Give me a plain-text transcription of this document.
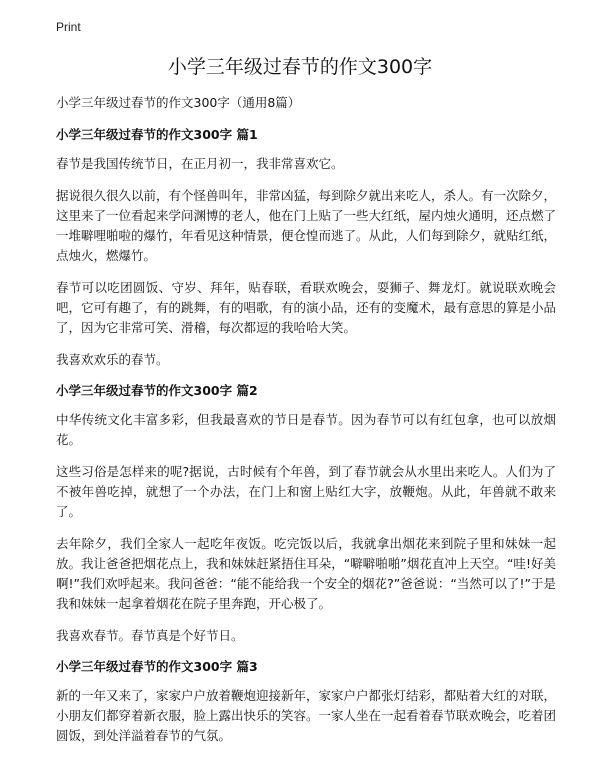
Print
小学三年级过春节的作文300字

小学三年级过春节的作文300字（通用8篇）

小学三年级过春节的作文300字 篇1

春节是我国传统节日，在正月初一，我非常喜欢它。

据说很久很久以前，有个怪兽叫年，非常凶猛，每到除夕就出来吃人，杀人。有一次除夕，这里来了一位看起来学问渊博的老人，他在门上贴了一些大红纸，屋内烛火通明，还点燃了一堆噼哩啪啦的爆竹，年看见这种情景，便仓惶而逃了。从此，人们每到除夕，就贴红纸，点烛火，燃爆竹。

春节可以吃团圆饭、守岁、拜年，贴春联，看联欢晚会，耍狮子、舞龙灯。就说联欢晚会吧，它可有趣了，有的跳舞，有的唱歌，有的演小品，还有的变魔术，最有意思的算是小品了，因为它非常可笑、滑稽，每次都逗的我哈哈大笑。

我喜欢欢乐的春节。

小学三年级过春节的作文300字 篇2

中华传统文化丰富多彩，但我最喜欢的节日是春节。因为春节可以有红包拿，也可以放烟花。

这些习俗是怎样来的呢?据说，古时候有个年兽，到了春节就会从水里出来吃人。人们为了不被年兽吃掉，就想了一个办法，在门上和窗上贴红大字，放鞭炮。从此，年兽就不敢来了。

去年除夕，我们全家人一起吃年夜饭。吃完饭以后，我就拿出烟花来到院子里和妹妹一起放。我让爸爸把烟花点上，我和妹妹赶紧捂住耳朵，“噼噼啪啪”烟花直冲上天空。“哇!好美啊!”我们欢呼起来。我问爸爸：“能不能给我一个安全的烟花?”爸爸说：“当然可以了!”于是我和妹妹一起拿着烟花在院子里奔跑，开心极了。

我喜欢春节。春节真是个好节日。

小学三年级过春节的作文300字 篇3

新的一年又来了，家家户户放着鞭炮迎接新年，家家户户都张灯结彩，都贴着大红的对联，小朋友们都穿着新衣服，脸上露出快乐的笑容。一家人坐在一起看着春节联欢晚会，吃着团圆饭，到处洋溢着春节的气氛。
